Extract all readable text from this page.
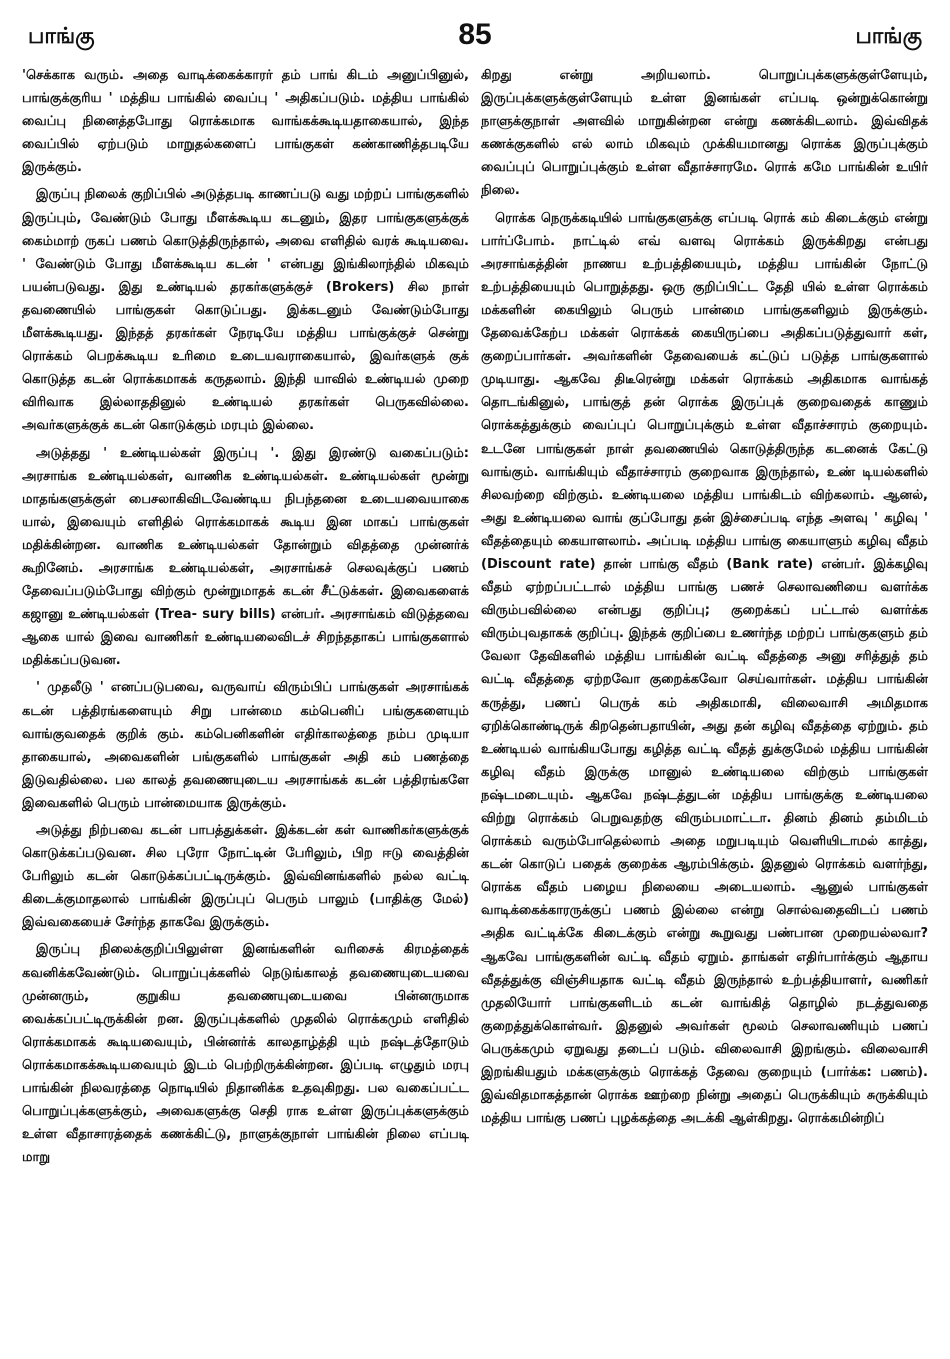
பாங்கு	85	பாங்கு

'செக்காக வரும். அதை வாடிக்கைக்காரர் தம் பாங் கிடம் அனுப்பினுல், பாங்குக்குரிய ' மத்திய பாங்கில் வைப்பு ' அதிகப்படும். மத்திய பாங்கில் வைப்பு நினைத்தபோது ரொக்கமாக வாங்கக்கூடியதாகையால், இந்த வைப்பில் ஏற்படும் மாறுதல்களைப் பாங்குகள் கண்காணித்தபடியே இருக்கும்.

இருப்பு நிலைக் குறிப்பில் அடுத்தபடி காணப்படு வது மற்றப் பாங்குகளில் இருப்பும், வேண்டும் போது மீளக்கூடிய கடனும், இதர பாங்குகளுக்குக் கைம்மாற் ருகப் பணம் கொடுத்திருந்தால், அவை எளிதில் வரக் கூடியவை. ' வேண்டும் போது மீளக்கூடிய கடன் ' என்பது இங்கிலாந்தில் மிகவும் பயன்படுவது. இது உண்டியல் தரகர்களுக்குச் (Brokers) சில நாள் தவணையில் பாங்குகள் கொடுப்பது. இக்கடனும் வேண்டும்போது மீளக்கூடியது. இந்தத் தரகர்கள் நேரடியே மத்திய பாங்குக்குச் சென்று ரொக்கம் பெறக்கூடிய உரிமை உடையவராகையால், இவர்களுக் குக் கொடுத்த கடன் ரொக்கமாகக் கருதலாம். இந்தி யாவில் உண்டியல் முறை விரிவாக இல்லாததினுல் உண்டியல் தரகர்கள் பெருகவில்லை. அவர்களுக்குக் கடன் கொடுக்கும் மரபும் இல்லை.

அடுத்தது ' உண்டியல்கள் இருப்பு '. இது இரண்டு வகைப்படும்: அரசாங்க உண்டியல்கள், வாணிக உண்டியல்கள். உண்டியல்கள் மூன்று மாதங்களுக்குள் பைசலாகிவிடவேண்டிய நிபந்தனை உடையவையாகை யால், இவையும் எளிதில் ரொக்கமாகக் கூடிய இன மாகப் பாங்குகள் மதிக்கின்றன. வாணிக உண்டியல்கள் தோன்றும் விதத்தை முன்னர்க் கூறினேம். அரசாங்க உண்டியல்கள், அரசாங்கச் செலவுக்குப் பணம் தேவைப்படும்போது விற்கும் மூன்றுமாதக் கடன் சீட்டுக்கள். இவைகளைக் கஜானு உண்டியல்கள் (Trea- sury bills) என்பர். அரசாங்கம் விடுத்தவை ஆகை யால் இவை வாணிகர் உண்டியலைவிடச் சிறந்ததாகப் பாங்குகளால் மதிக்கப்படுவன.

' முதலீடு ' எனப்படுபவை, வருவாய் விரும்பிப் பாங்குகள் அரசாங்கக் கடன் பத்திரங்களையும் சிறு பான்மை கம்பெனிப் பங்குகளையும் வாங்குவதைக் குறிக் கும். கம்பெனிகளின் எதிர்காலத்தை நம்ப முடியா தாகையால், அவைகளின் பங்குகளில் பாங்குகள் அதி கம் பணத்தை இடுவதில்லை. பல காலத் தவணையுடைய அரசாங்கக் கடன் பத்திரங்களே இவைகளில் பெரும் பான்மையாக இருக்கும்.

அடுத்து நிற்பவை கடன் பாபத்துக்கள். இக்கடன் கள் வாணிகர்களுக்குக் கொடுக்கப்படுவன. சில புரோ நோட்டின் பேரிலும், பிற ஈடு வைத்தின் பேரிலும் கடன் கொடுக்கப்பட்டிருக்கும். இவ்வினங்களில் நல்ல வட்டி கிடைக்குமாதலால் பாங்கின் இருப்புப் பெரும் பாலும் (பாதிக்கு மேல்) இவ்வகையைச் சேர்ந்த தாகவே இருக்கும்.

இருப்பு நிலைக்குறிப்பிலுள்ள இனங்களின் வரிசைக் கிரமத்தைக் கவனிக்கவேண்டும். பொறுப்புக்களில் நெடுங்காலத் தவணையுடையவை முன்னரும், குறுகிய தவணையுடையவை பின்னருமாக வைக்கப்பட்டிருக்கின் றன. இருப்புக்களில் முதலில் ரொக்கமும் எளிதில் ரொக்கமாகக் கூடியவையும், பின்னர்க் காலதாழ்த்தி யும் நஷ்டத்தோடும் ரொக்கமாகக்கூடியவையும் இடம் பெற்றிருக்கின்றன. இப்படி எழுதும் மரபு பாங்கின் நிலவரத்தை நொடியில் நிதானிக்க உதவுகிறது. பல வகைப்பட்ட பொறுப்புக்களுக்கும், அவைகளுக்கு செதி ராக உள்ள இருப்புக்களுக்கும் உள்ள வீதாசாரத்தைக் கணக்கிட்டு, நாளுக்குநாள் பாங்கின் நிலை எப்படி மாறு

கிறது என்று அறியலாம். பொறுப்புக்களுக்குள்ளேயும், இருப்புக்களுக்குள்ளேயும் உள்ள இனங்கள் எப்படி ஒன்றுக்கொன்று நாளுக்குநாள் அளவில் மாறுகின்றன என்று கணக்கிடலாம். இவ்விதக் கணக்குகளில் எல் லாம் மிகவும் முக்கியமானது ரொக்க இருப்புக்கும் வைப்புப் பொறுப்புக்கும் உள்ள வீதாச்சாரமே. ரொக் கமே பாங்கின் உயிர் நிலை.

ரொக்க நெருக்கடியில் பாங்குகளுக்கு எப்படி ரொக் கம் கிடைக்கும் என்று பார்ப்போம். நாட்டில் எவ் வளவு ரொக்கம் இருக்கிறது என்பது அரசாங்கத்தின் நாணய உற்பத்தியையும், மத்திய பாங்கின் நோட்டு உற்பத்தியையும் பொறுத்தது. ஒரு குறிப்பிட்ட தேதி யில் உள்ள ரொக்கம் மக்களின் கையிலும் பெரும் பான்மை பாங்குகளிலும் இருக்கும். தேவைக்கேற்ப மக்கள் ரொக்கக் கையிருப்பை அதிகப்படுத்துவார் கள், குறைப்பார்கள். அவர்களின் தேவையைக் கட்டுப் படுத்த பாங்குகளால் முடியாது. ஆகவே திடீரென்று மக்கள் ரொக்கம் அதிகமாக வாங்கத் தொடங்கினுல், பாங்குத் தன் ரொக்க இருப்புக் குறைவதைக் காணும் ரொக்கத்துக்கும் வைப்புப் பொறுப்புக்கும் உள்ள வீதாச்சாரம் குறையும். உடனே பாங்குகள் நாள் தவணையில் கொடுத்திருந்த கடனைக் கேட்டு வாங்கும். வாங்கியும் வீதாச்சாரம் குறைவாக இருந்தால், உண் டியல்களில் சிலவற்றை விற்கும். உண்டியலை மத்திய பாங்கிடம் விற்கலாம். ஆனல், அது உண்டியலை வாங் குப்போது தன் இச்சைப்படி எந்த அளவு ' கழிவு ' வீதத்தையும் கையாளலாம். அப்படி மத்திய பாங்கு கையாளும் கழிவு வீதம் (Discount rate) தான் பாங்கு வீதம் (Bank rate) என்பர். இக்கழிவு வீதம் ஏற்றப்பட்டால் மத்திய பாங்கு பணச் செலாவணியை வளர்க்க விரும்பவில்லை என்பது குறிப்பு; குறைக்கப் பட்டால் வளர்க்க விரும்புவதாகக் குறிப்பு. இந்தக் குறிப்பை உணர்ந்த மற்றப் பாங்குகளும் தம் வேலா தேவிகளில் மத்திய பாங்கின் வட்டி வீதத்தை அனு சரித்துத் தம் வட்டி வீதத்தை ஏற்றவோ குறைக்கவோ செய்வார்கள். மத்திய பாங்கின் கருத்து, பணப் பெருக் கம் அதிகமாகி, விலைவாசி அமிதமாக ஏறிக்கொண்டிருக் கிறதென்பதாயின், அது தன் கழிவு வீதத்தை ஏற்றும். தம் உண்டியல் வாங்கியபோது கழித்த வட்டி வீதத் துக்குமேல் மத்திய பாங்கின் கழிவு வீதம் இருக்கு மானுல் உண்டியலை விற்கும் பாங்குகள் நஷ்டமடையும். ஆகவே நஷ்டத்துடன் மத்திய பாங்குக்கு உண்டியலை விற்று ரொக்கம் பெறுவதற்கு விரும்பமாட்டா. தினம் தினம் தம்மிடம் ரொக்கம் வரும்போதெல்லாம் அதை மறுபடியும் வெளியிடாமல் காத்து, கடன் கொடுப் பதைக் குறைக்க ஆரம்பிக்கும். இதனுல் ரொக்கம் வளர்ந்து, ரொக்க வீதம் பழைய நிலையை அடையலாம். ஆனுல் பாங்குகள் வாடிக்கைக்காரருக்குப் பணம் இல்லை என்று சொல்வதைவிடப் பணம் அதிக வட்டிக்கே கிடைக்கும் என்று கூறுவது பண்பான முறையல்லவா? ஆகவே பாங்குகளின் வட்டி வீதம் ஏறும். தாங்கள் எதிர்பார்க்கும் ஆதாய வீதத்துக்கு விஞ்சியதாக வட்டி வீதம் இருந்தால் உற்பத்தியாளர், வணிகர் முதலியோர் பாங்குகளிடம் கடன் வாங்கித் தொழில் நடத்துவதை குறைத்துக்கொள்வர். இதனுல் அவர்கள் மூலம் செலாவணியும் பணப் பெருக்கமும் ஏறுவது தடைப் படும். விலைவாசி இறங்கும். விலைவாசி இறங்கியதும் மக்களுக்கும் ரொக்கத் தேவை குறையும் (பார்க்க: பணம்). இவ்விதமாகத்தான் ரொக்க ஊற்றை நின்று அதைப் பெருக்கியும் சுருக்கியும் மத்திய பாங்கு பணப் புழக்கத்தை அடக்கி ஆள்கிறது. ரொக்கமின்றிப்
